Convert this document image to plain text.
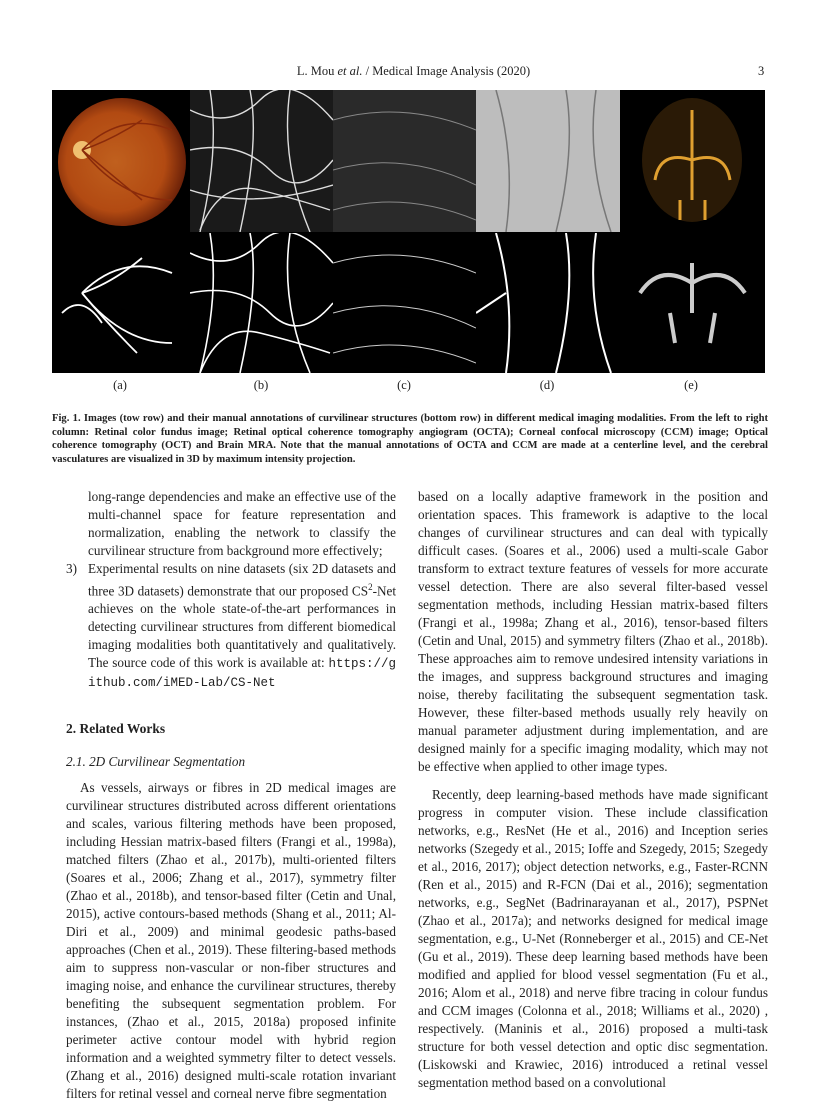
L. Mou et al. / Medical Image Analysis (2020)	3
(a)	(b)	(c)	(d)	(e)
Fig. 1. Images (tow row) and their manual annotations of curvilinear structures (bottom row) in different medical imaging modalities. From the left to right column: Retinal color fundus image; Retinal optical coherence tomography angiogram (OCTA); Corneal confocal microscopy (CCM) image; Optical coherence tomography (OCT) and Brain MRA. Note that the manual annotations of OCTA and CCM are made at a centerline level, and the cerebral vasculatures are visualized in 3D by maximum intensity projection.

long-range dependencies and make an effective use of the multi-channel space for feature representation and normalization, enabling the network to classify the curvilinear structure from background more effectively;

3) Experimental results on nine datasets (six 2D datasets and three 3D datasets) demonstrate that our proposed $CS^2$-Net achieves on the whole state-of-the-art performances in detecting curvilinear structures from different biomedical imaging modalities both quantitatively and qualitatively. The source code of this work is available at: https://github.com/iMED-Lab/CS-Net

2. Related Works
2.1. 2D Curvilinear Segmentation

As vessels, airways or fibres in 2D medical images are curvilinear structures distributed across different orientations and scales, various filtering methods have been proposed, including Hessian matrix-based filters (Frangi et al., 1998a), matched filters (Zhao et al., 2017b), multi-oriented filters (Soares et al., 2006; Zhang et al., 2017), symmetry filter (Zhao et al., 2018b), and tensor-based filter (Cetin and Unal, 2015), active contours-based methods (Shang et al., 2011; Al-Diri et al., 2009) and minimal geodesic paths-based approaches (Chen et al., 2019). These filtering-based methods aim to suppress non-vascular or non-fiber structures and imaging noise, and enhance the curvilinear structures, thereby benefiting the subsequent segmentation problem. For instances, (Zhao et al., 2015, 2018a) proposed infinite perimeter active contour model with hybrid region information and a weighted symmetry filter to detect vessels. (Zhang et al., 2016) designed multi-scale rotation invariant filters for retinal vessel and corneal nerve fibre segmentation

based on a locally adaptive framework in the position and orientation spaces. This framework is adaptive to the local changes of curvilinear structures and can deal with typically difficult cases. (Soares et al., 2006) used a multi-scale Gabor transform to extract texture features of vessels for more accurate vessel detection. There are also several filter-based vessel segmentation methods, including Hessian matrix-based filters (Frangi et al., 1998a; Zhang et al., 2016), tensor-based filters (Cetin and Unal, 2015) and symmetry filters (Zhao et al., 2018b). These approaches aim to remove undesired intensity variations in the images, and suppress background structures and imaging noise, thereby facilitating the subsequent segmentation task. However, these filter-based methods usually rely heavily on manual parameter adjustment during implementation, and are designed mainly for a specific imaging modality, which may not be effective when applied to other image types.

Recently, deep learning-based methods have made significant progress in computer vision. These include classification networks, e.g., ResNet (He et al., 2016) and Inception series networks (Szegedy et al., 2015; Ioffe and Szegedy, 2015; Szegedy et al., 2016, 2017); object detection networks, e.g., Faster-RCNN (Ren et al., 2015) and R-FCN (Dai et al., 2016); segmentation networks, e.g., SegNet (Badrinarayanan et al., 2017), PSPNet (Zhao et al., 2017a); and networks designed for medical image segmentation, e.g., U-Net (Ronneberger et al., 2015) and CE-Net (Gu et al., 2019). These deep learning based methods have been modified and applied for blood vessel segmentation (Fu et al., 2016; Alom et al., 2018) and nerve fibre tracing in colour fundus and CCM images (Colonna et al., 2018; Williams et al., 2020) , respectively. (Maninis et al., 2016) proposed a multi-task structure for both vessel detection and optic disc segmentation. (Liskowski and Krawiec, 2016) introduced a retinal vessel segmentation method based on a convolutional
